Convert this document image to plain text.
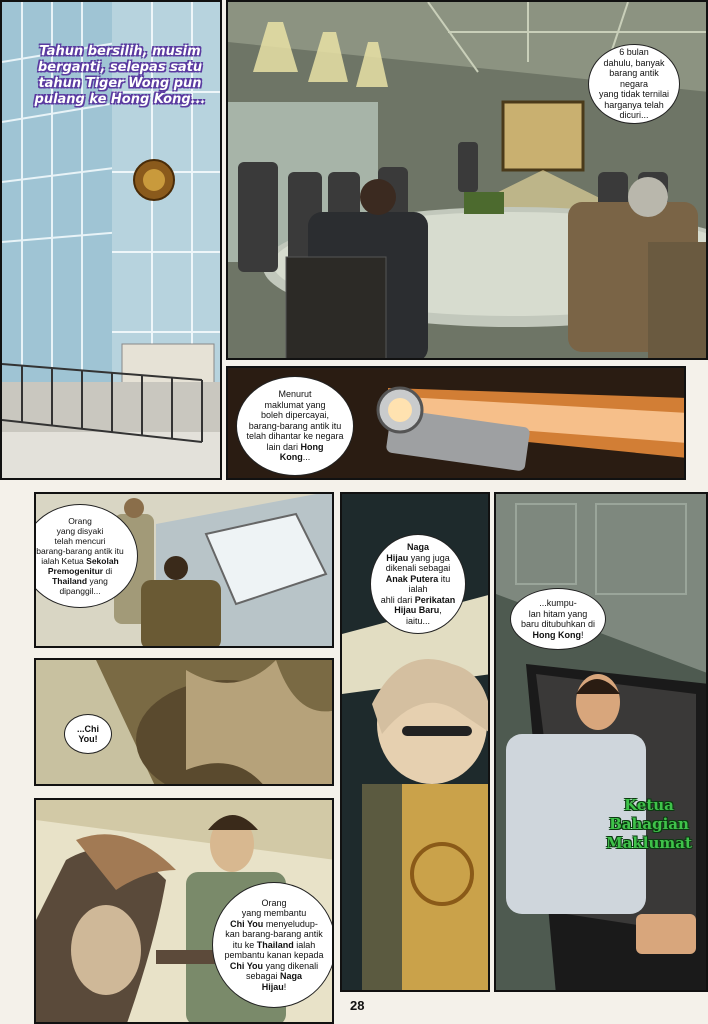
Tahun bersilih, musim
berganti, selepas satu
tahun Tiger Wong pun
pulang ke Hong Kong...
6 bulan
dahulu, banyak
barang antik negara
yang tidak ternilai
harganya telah
dicuri...
Menurut
maklumat yang
boleh dipercayai,
barang-barang antik itu
telah dihantar ke negara
lain dari Hong
Kong...
Orang
yang disyaki
telah mencuri
barang-barang antik itu
ialah Ketua Sekolah
Premogenitur di
Thailand yang
dipanggil...
...Chi
You!
Naga
Hijau yang juga
dikenali sebagai
Anak Putera itu ialah
ahli dari Perikatan
Hijau Baru,
iaitu...
...kumpu-
lan hitam yang
baru ditubuhkan di
Hong Kong!
Ketua
Bahagian
Maklumat
Orang
yang membantu
Chi You menyeludup-
kan barang-barang antik
itu ke Thailand ialah
pembantu kanan kepada
Chi You yang dikenali
sebagai Naga
Hijau!
28
